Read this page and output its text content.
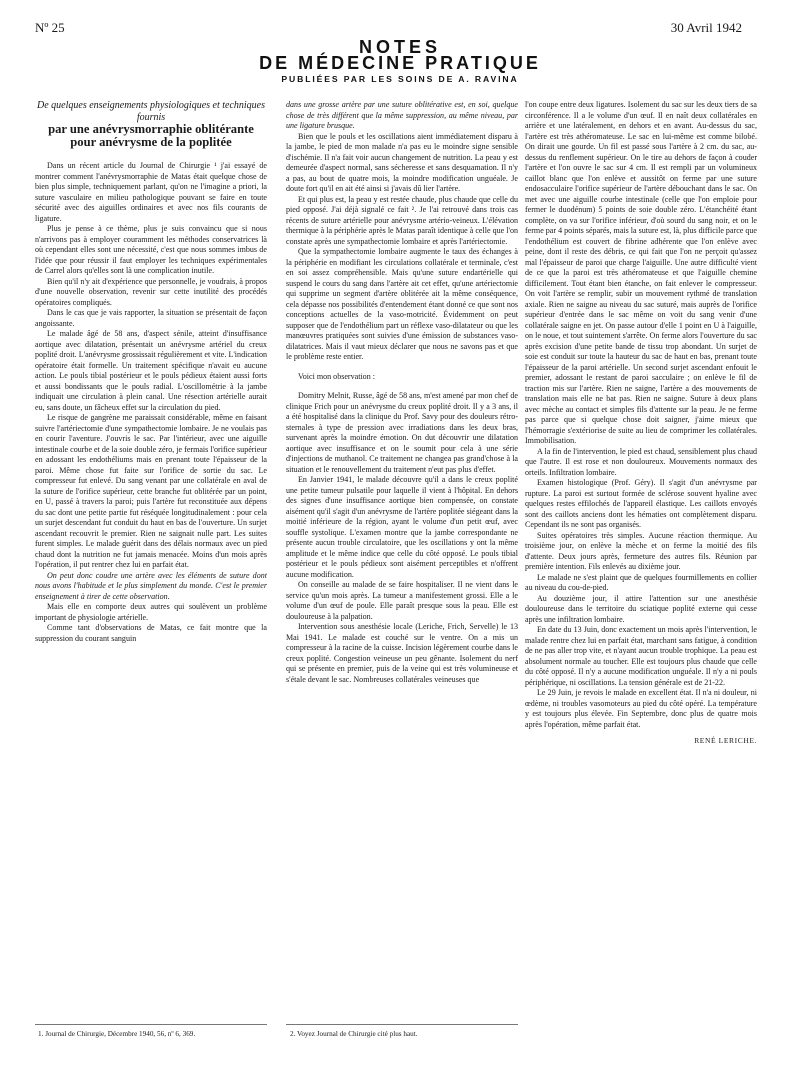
Nº 25	30 Avril 1942
NOTES
DE MÉDECINE PRATIQUE
PUBLIÉES PAR LES SOINS DE A. RAVINA
De quelques enseignements physiologiques et techniques fournis
par une anévrysmorraphie oblitérante pour anévrysme de la poplitée

Dans un récent article du Journal de Chirurgie ¹ j'ai essayé de montrer comment l'anévrysmorraphie de Matas était quelque chose de bien plus simple, techniquement parlant, qu'on ne l'imagine a priori, la suture vasculaire en milieu pathologique pouvant se faire en toute sécurité avec des aiguilles ordinaires et avec nos fils courants de ligature.

Plus je pense à ce thème, plus je suis convaincu que si nous n'arrivons pas à employer couramment les méthodes conservatrices là où cependant elles sont une nécessité, c'est que nous sommes imbus de l'idée que pour réussir il faut employer les techniques expérimentales de Carrel alors qu'elles sont là une complication inutile.

Bien qu'il n'y ait d'expérience que personnelle, je voudrais, à propos d'une nouvelle observation, revenir sur cette inutilité des procédés opératoires compliqués.

Dans le cas que je vais rapporter, la situation se présentait de façon angoissante.

Le malade âgé de 58 ans, d'aspect sénile, atteint d'insuffisance aortique avec dilatation, présentait un anévrysme artériel du creux poplité droit. L'anévrysme grossissait régulièrement et vite. L'indication opératoire était formelle. Un traitement spécifique n'avait eu aucune action. Le pouls tibial postérieur et le pouls pédieux étaient aussi forts et aussi bondissants que le pouls radial. L'oscillométrie à la jambe indiquait une circulation à plein canal. Une résection artérielle aurait eu, sans doute, un fâcheux effet sur la circulation du pied.

Le risque de gangrène me paraissait considérable, même en faisant suivre l'artériectomie d'une sympathectomie lombaire. Je ne voulais pas en courir l'aventure. J'ouvris le sac. Par l'intérieur, avec une aiguille intestinale courbe et de la soie double zéro, je fermais l'orifice supérieur en adossant les endothéliums mais en prenant toute l'épaisseur de la paroi. Même chose fut faite sur l'orifice de sortie du sac. Le compresseur fut enlevé. Du sang venant par une collatérale en aval de la suture de l'orifice supérieur, cette branche fut oblitérée par un point, en U, passé à travers la paroi; puis l'artère fut reconstituée aux dépens du sac dont une petite partie fut réséquée longitudinalement : pour cela un surjet descendant fut conduit du haut en bas de l'ouverture. Un surjet ascendant recouvrit le premier. Rien ne saignait nulle part. Les suites furent simples. Le malade guérit dans des délais normaux avec un pied chaud dont la nutrition ne fut jamais menacée. Moins d'un mois après l'opération, il put rentrer chez lui en parfait état.

On peut donc coudre une artère avec les éléments de suture dont nous avons l'habitude et le plus simplement du monde. C'est le premier enseignement à tirer de cette observation.

Mais elle en comporte deux autres qui soulèvent un problème important de physiologie artérielle.

Comme tant d'observations de Matas, ce fait montre que la suppression du courant sanguin

dans une grosse artère par une suture oblitérative est, en soi, quelque chose de très différent que la même suppression, au même niveau, par une ligature brusque.

Bien que le pouls et les oscillations aient immédiatement disparu à la jambe, le pied de mon malade n'a pas eu le moindre signe sensible d'ischémie. Il n'a fait voir aucun changement de nutrition. La peau y est demeurée d'aspect normal, sans sécheresse et sans desquamation. Il n'y a pas, au bout de quatre mois, la moindre modification unguéale. Je doute fort qu'il en ait été ainsi si j'avais dû lier l'artère.

Et qui plus est, la peau y est restée chaude, plus chaude que celle du pied opposé. J'ai déjà signalé ce fait ². Je l'ai retrouvé dans trois cas récents de suture artérielle pour anévrysme artério-veineux. L'élévation thermique à la périphérie après le Matas paraît identique à celle que l'on constate après une sympathectomie lombaire et après l'artériectomie.

Que la sympathectomie lombaire augmente le taux des échanges à la périphérie en modifiant les circulations collatérale et terminale, c'est en soi assez compréhensible. Mais qu'une suture endartérielle qui suspend le cours du sang dans l'artère ait cet effet, qu'une artériectomie qui supprime un segment d'artère oblitérée ait la même conséquence, cela dépasse nos possibilités d'entendement étant donné ce que sont nos conceptions actuelles de la vaso-motricité. Évidemment on peut supposer que de l'endothélium part un réflexe vaso-dilatateur ou que les manœuvres pratiquées sont suivies d'une émission de substances vaso-dilatatrices. Mais il vaut mieux déclarer que nous ne savons pas et que le problème reste entier.

Voici mon observation :

Domitry Melnit, Russe, âgé de 58 ans, m'est amené par mon chef de clinique Frich pour un anévrysme du creux poplité droit. Il y a 3 ans, il a été hospitalisé dans la clinique du Prof. Savy pour des douleurs rétro-sternales à type de pression avec irradiations dans les deux bras, survenant après la moindre émotion. On dut découvrir une dilatation aortique avec insuffisance et on le soumit pour cela à une série d'injections de muthanol. Ce traitement ne changea pas grand'chose à la situation et le renouvellement du traitement n'eut pas plus d'effet.

En Janvier 1941, le malade découvre qu'il a dans le creux poplité une petite tumeur pulsatile pour laquelle il vient à l'hôpital. En dehors des signes d'une insuffisance aortique bien compensée, on constate aisément qu'il s'agit d'un anévrysme de l'artère poplitée siégeant dans la moitié inférieure de la région, ayant le volume d'un petit œuf, avec souffle systolique. L'examen montre que la jambe correspondante ne présente aucun trouble circulatoire, que les oscillations y ont la même amplitude et le même indice que celle du côté opposé. Le pouls tibial postérieur et le pouls pédieux sont aisément perceptibles et n'offrent aucune modification.

On conseille au malade de se faire hospitaliser. Il ne vient dans le service qu'un mois après. La tumeur a manifestement grossi. Elle a le volume d'un œuf de poule. Elle paraît presque sous la peau. Elle est douloureuse à la palpation.

Intervention sous anesthésie locale (Leriche, Frich, Servelle) le 13 Mai 1941. Le malade est couché sur le ventre. On a mis un compresseur à la racine de la cuisse. Incision légèrement courbe dans le creux poplité. Congestion veineuse un peu gênante. Isolement du nerf qui se présente en premier, puis de la veine qui est très volumineuse et s'étale devant le sac. Nombreuses collatérales veineuses que

l'on coupe entre deux ligatures. Isolement du sac sur les deux tiers de sa circonférence. Il a le volume d'un œuf. Il en naît deux collatérales en arrière et une latéralement, en dehors et en avant. Au-dessus du sac, l'artère est très athéromateuse. Le sac en lui-même est comme bilobé. On dirait une gourde. Un fil est passé sous l'artère à 2 cm. du sac, au-dessus du renflement supérieur. On le tire au dehors de façon à couder l'artère et l'on ouvre le sac sur 4 cm. Il est rempli par un volumineux caillot blanc que l'on enlève et aussitôt on ferme par une suture endosacculaire l'orifice supérieur de l'artère débouchant dans le sac. On met avec une aiguille courbe intestinale (celle que l'on emploie pour fermer le duodénum) 5 points de soie double zéro. L'étanchéité étant complète, on va sur l'orifice inférieur, d'où sourd du sang noir, et on le ferme par 4 points séparés, mais la suture est, là, plus difficile parce que l'endothélium est couvert de fibrine adhérente que l'on enlève avec peine, dont il reste des débris, ce qui fait que l'on ne perçoit qu'assez mal l'épaisseur de paroi que charge l'aiguille. Une autre difficulté vient de ce que la paroi est très athéromateuse et que l'aiguille chemine difficilement. Tout étant bien étanche, on fait enlever le compresseur. On voit l'artère se remplir, subir un mouvement rythmé de translation axiale. Rien ne saigne au niveau du sac suturé, mais auprès de l'orifice supérieur d'entrée dans le sac même on voit du sang venir d'une collatérale saigne en jet. On passe autour d'elle 1 point en U à l'aiguille, on le noue, et tout suintement s'arrête. On ferme alors l'ouverture du sac après excision d'une petite bande de tissu trop abondant. Un surjet de soie est conduit sur toute la hauteur du sac de haut en bas, prenant toute l'épaisseur de la paroi artérielle. Un second surjet ascendant enfouit le premier, adossant le restant de paroi sacculaire ; on enlève le fil de traction mis sur l'artère. Rien ne saigne, l'artère a des mouvements de translation mais elle ne bat pas. Rien ne saigne. Suture à deux plans avec mèche au contact et simples fils d'attente sur la peau. Je ne ferme pas parce que si quelque chose doit saigner, j'aime mieux que l'hémorragie s'extériorise de suite au lieu de comprimer les collatérales. Immobilisation.

A la fin de l'intervention, le pied est chaud, sensiblement plus chaud que l'autre. Il est rose et non douloureux. Mouvements normaux des orteils. Infiltration lombaire.

Examen histologique (Prof. Géry). Il s'agit d'un anévrysme par rupture. La paroi est surtout formée de sclérose souvent hyaline avec quelques restes effilochés de l'appareil élastique. Les caillots envoyés sont des caillots anciens dont les hématies ont complètement disparu. Cependant ils ne sont pas organisés.

Suites opératoires très simples. Aucune réaction thermique. Au troisième jour, on enlève la mèche et on ferme la moitié des fils d'attente. Deux jours après, fermeture des autres fils. Réunion par première intention. Fils enlevés au dixième jour.

Le malade ne s'est plaint que de quelques fourmillements en collier au niveau du cou-de-pied.

Au douzième jour, il attire l'attention sur une anesthésie douloureuse dans le territoire du sciatique poplité externe qui cesse après une infiltration lombaire.

En date du 13 Juin, donc exactement un mois après l'intervention, le malade rentre chez lui en parfait état, marchant sans fatigue, à condition de ne pas aller trop vite, et n'ayant aucun trouble trophique. La peau est absolument normale au toucher. Elle est toujours plus chaude que celle du côté opposé. Il n'y a aucune modification unguéale. Il n'y a ni pouls périphérique, ni oscillations. La tension générale est de 21-22.

Le 29 Juin, je revois le malade en excellent état. Il n'a ni douleur, ni œdème, ni troubles vasomoteurs au pied du côté opéré. La température y est toujours plus élevée. Fin Septembre, donc plus de quatre mois après l'opération, même parfait état.

RENÉ LERICHE.
1. Journal de Chirurgie, Décembre 1940, 56, nº 6, 369.	2. Voyez Journal de Chirurgie cité plus haut.
